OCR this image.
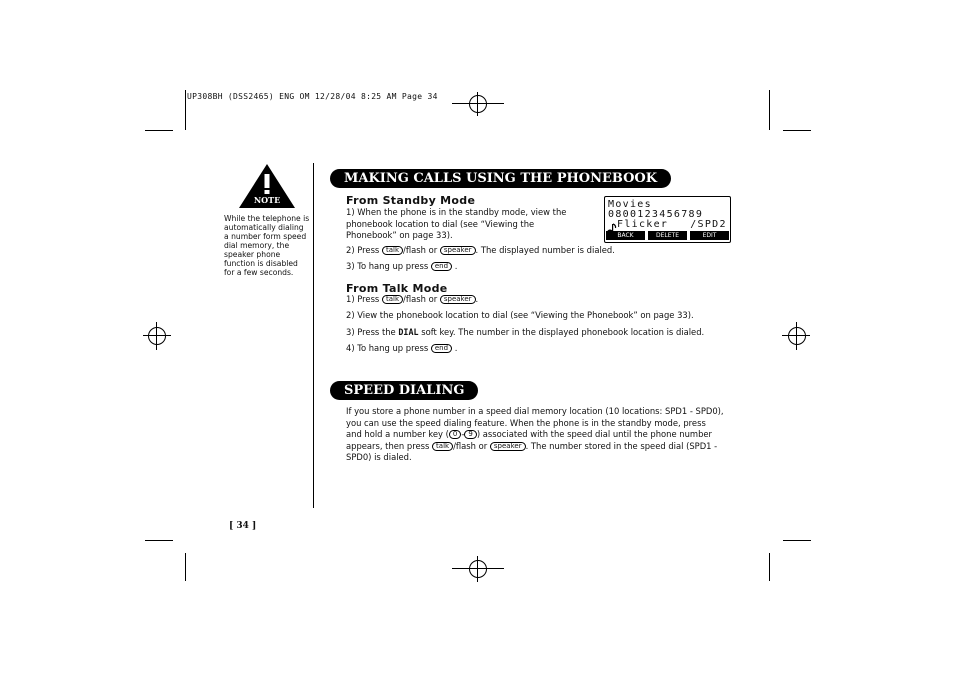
UP308BH (DSS2465) ENG OM 12/28/04 8:25 AM Page 34
NOTE
While the telephone is automatically dialing a number form speed dial memory, the speaker phone function is disabled for a few seconds.
MAKING CALLS USING THE PHONEBOOK
From Standby Mode
1) When the phone is in the standby mode, view the phonebook location to dial (see “Viewing the Phonebook” on page 33).
2) Press talk /flash or speaker . The displayed number is dialed.
3) To hang up press end .
Movies
0800123456789
Flicker   /SPD2
BACK	DELETE	EDIT
From Talk Mode
1) Press talk /flash or speaker .
2) View the phonebook location to dial (see “Viewing the Phonebook” on page 33).
3) Press the DIAL soft key. The number in the displayed phonebook location is dialed.
4) To hang up press end .
SPEED DIALING
If you store a phone number in a speed dial memory location (10 locations: SPD1 - SPD0), you can use the speed dialing feature. When the phone is in the standby mode, press and hold a number key ( 0 - 9 ) associated with the speed dial until the phone number appears, then press talk /flash or speaker . The number stored in the speed dial (SPD1 - SPD0) is dialed.
[ 34 ]
